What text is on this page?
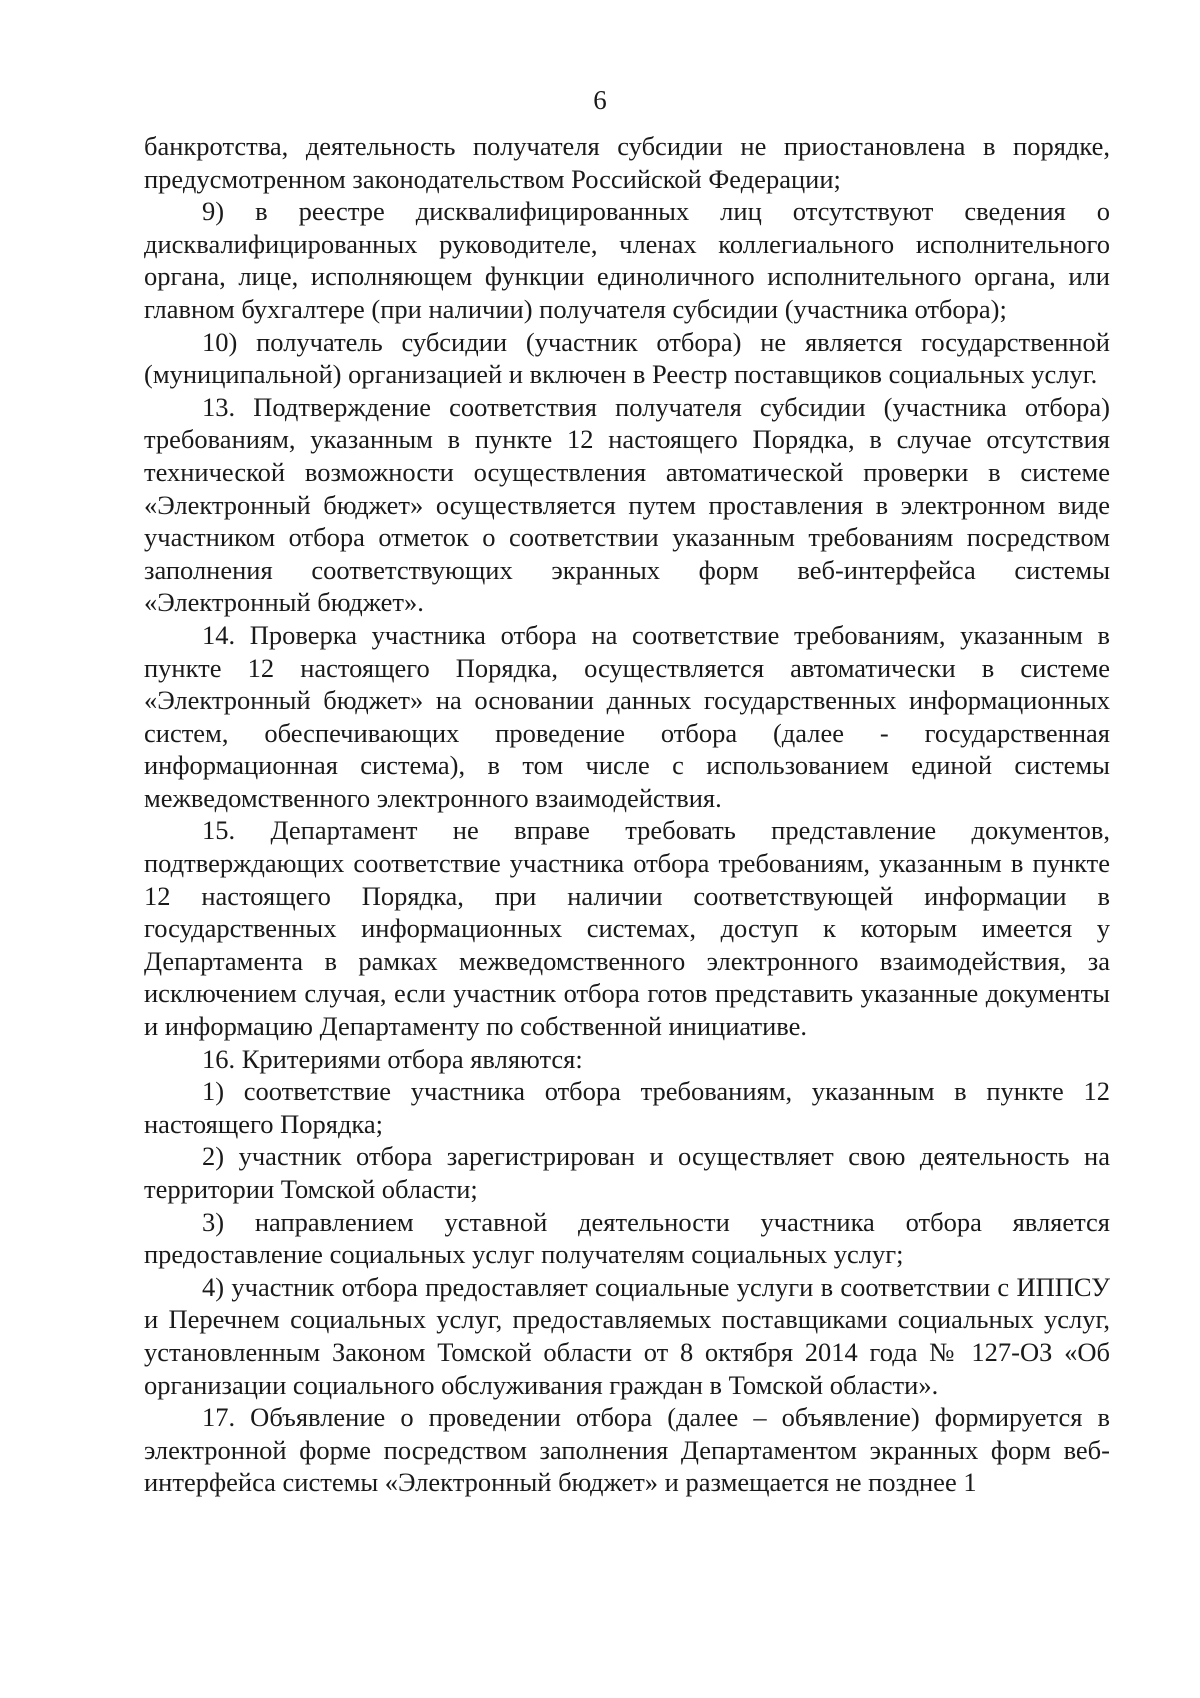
6

банкротства, деятельность получателя субсидии не приостановлена в порядке, предусмотренном законодательством Российской Федерации;

9) в реестре дисквалифицированных лиц отсутствуют сведения о дисквалифицированных руководителе, членах коллегиального исполнительного органа, лице, исполняющем функции единоличного исполнительного органа, или главном бухгалтере (при наличии) получателя субсидии (участника отбора);

10) получатель субсидии (участник отбора) не является государственной (муниципальной) организацией и включен в Реестр поставщиков социальных услуг.

13. Подтверждение соответствия получателя субсидии (участника отбора) требованиям, указанным в пункте 12 настоящего Порядка, в случае отсутствия технической возможности осуществления автоматической проверки в системе «Электронный бюджет» осуществляется путем проставления в электронном виде участником отбора отметок о соответствии указанным требованиям посредством заполнения соответствующих экранных форм веб-интерфейса системы «Электронный бюджет».

14. Проверка участника отбора на соответствие требованиям, указанным в пункте 12 настоящего Порядка, осуществляется автоматически в системе «Электронный бюджет» на основании данных государственных информационных систем, обеспечивающих проведение отбора (далее - государственная информационная система), в том числе с использованием единой системы межведомственного электронного взаимодействия.

15. Департамент не вправе требовать представление документов, подтверждающих соответствие участника отбора требованиям, указанным в пункте 12 настоящего Порядка, при наличии соответствующей информации в государственных информационных системах, доступ к которым имеется у Департамента в рамках межведомственного электронного взаимодействия, за исключением случая, если участник отбора готов представить указанные документы и информацию Департаменту по собственной инициативе.

16. Критериями отбора являются:

1) соответствие участника отбора требованиям, указанным в пункте 12 настоящего Порядка;

2) участник отбора зарегистрирован и осуществляет свою деятельность на территории Томской области;

3) направлением уставной деятельности участника отбора является предоставление социальных услуг получателям социальных услуг;

4) участник отбора предоставляет социальные услуги в соответствии с ИППСУ и Перечнем социальных услуг, предоставляемых поставщиками социальных услуг, установленным Законом Томской области от 8 октября 2014 года № 127-ОЗ «Об организации социального обслуживания граждан в Томской области».

17. Объявление о проведении отбора (далее – объявление) формируется в электронной форме посредством заполнения Департаментом экранных форм веб-интерфейса системы «Электронный бюджет» и размещается не позднее 1
